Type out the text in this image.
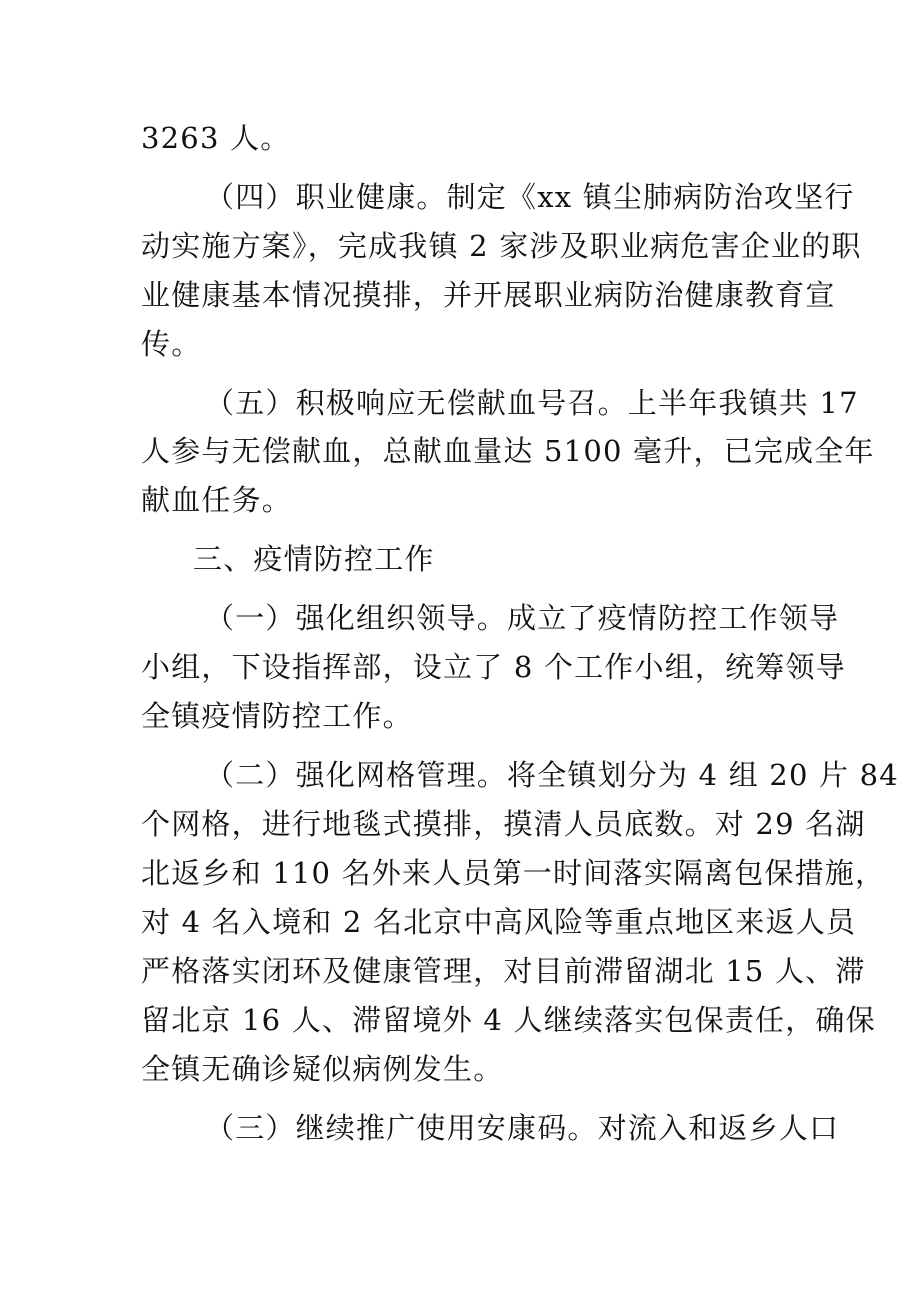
3263 人。
（四）职业健康。制定《xx 镇尘肺病防治攻坚行
动实施方案》，完成我镇 2 家涉及职业病危害企业的职
业健康基本情况摸排，并开展职业病防治健康教育宣
传。
（五）积极响应无偿献血号召。上半年我镇共 17
人参与无偿献血，总献血量达 5100 毫升，已完成全年
献血任务。
三、疫情防控工作
（一）强化组织领导。成立了疫情防控工作领导
小组，下设指挥部，设立了 8 个工作小组，统筹领导
全镇疫情防控工作。
（二）强化网格管理。将全镇划分为 4 组 20 片 84
个网格，进行地毯式摸排，摸清人员底数。对 29 名湖
北返乡和 110 名外来人员第一时间落实隔离包保措施，
对 4 名入境和 2 名北京中高风险等重点地区来返人员
严格落实闭环及健康管理，对目前滞留湖北 15 人、滞
留北京 16 人、滞留境外 4 人继续落实包保责任，确保
全镇无确诊疑似病例发生。
（三）继续推广使用安康码。对流入和返乡人口
